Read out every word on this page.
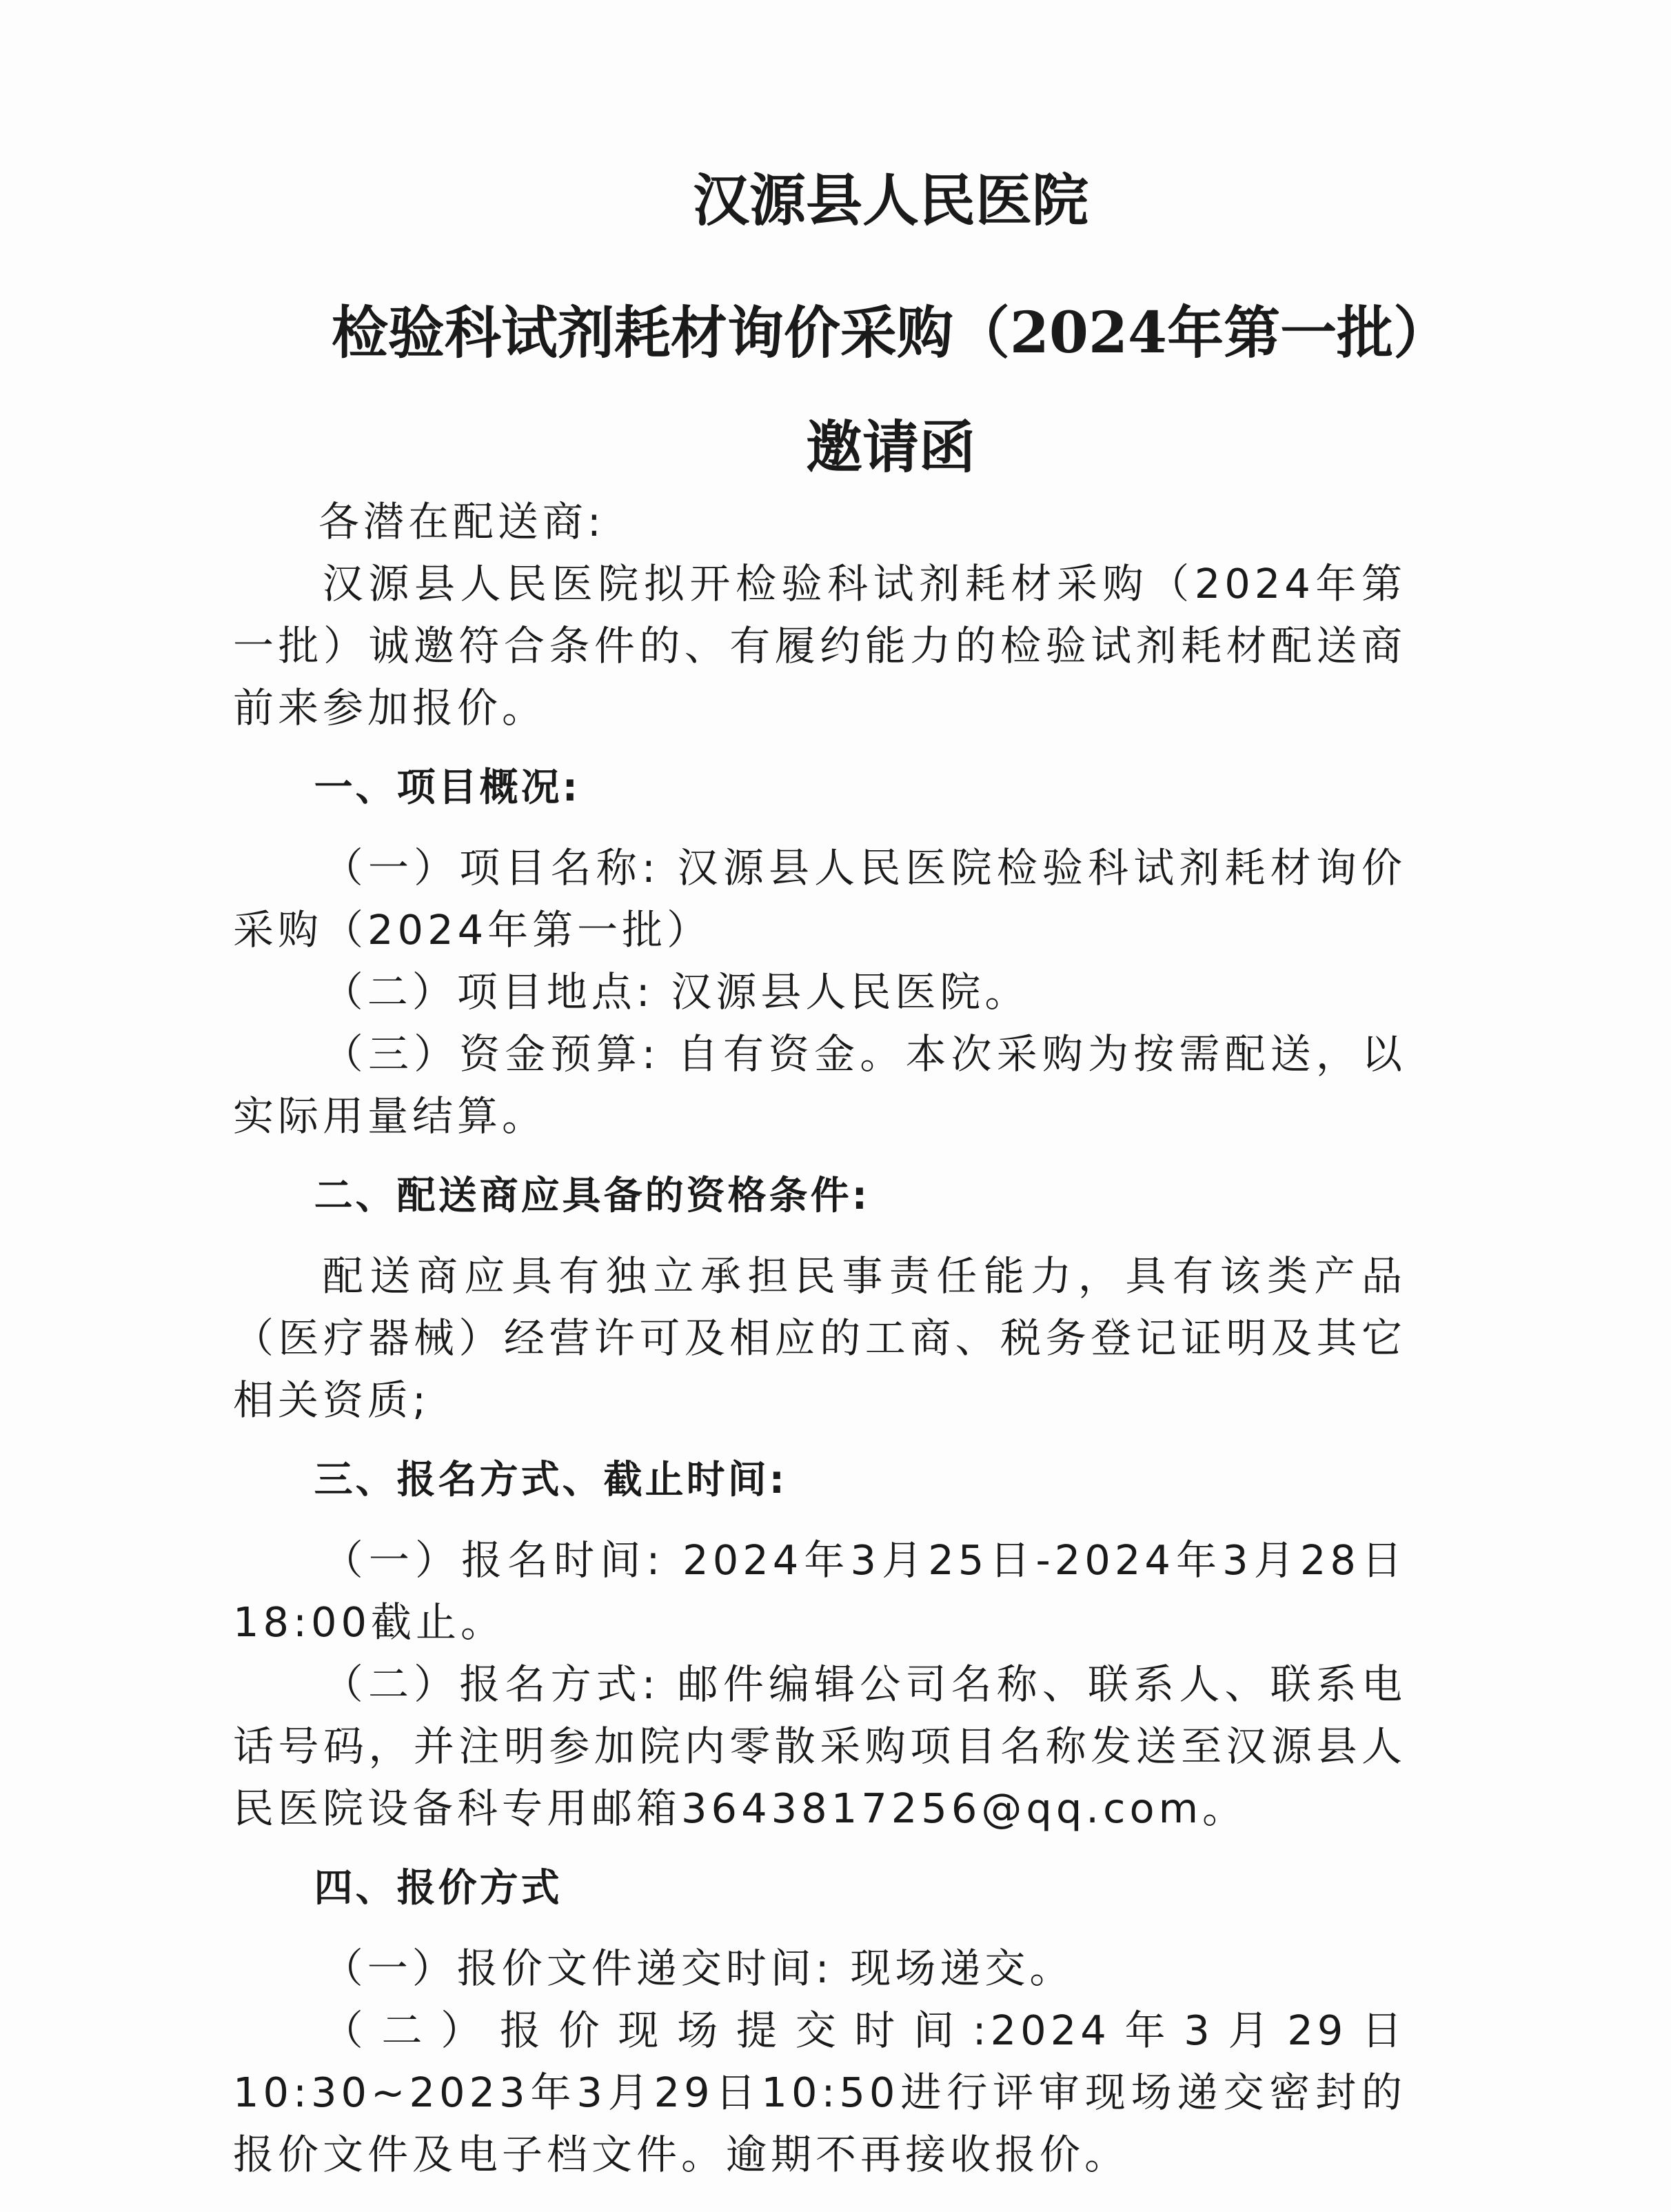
汉源县人民医院
检验科试剂耗材询价采购（2024年第一批）
邀请函

各潜在配送商:

汉源县人民医院拟开检验科试剂耗材采购（2024年第一批）诚邀符合条件的、有履约能力的检验试剂耗材配送商前来参加报价。

一、项目概况:

（一）项目名称: 汉源县人民医院检验科试剂耗材询价采购（2024年第一批）

（二）项目地点: 汉源县人民医院。

（三）资金预算: 自有资金。本次采购为按需配送，以实际用量结算。

二、配送商应具备的资格条件:

配送商应具有独立承担民事责任能力，具有该类产品（医疗器械）经营许可及相应的工商、税务登记证明及其它相关资质;

三、报名方式、截止时间:

（一）报名时间: 2024年3月25日-2024年3月28日18:00截止。

（二）报名方式: 邮件编辑公司名称、联系人、联系电话号码，并注明参加院内零散采购项目名称发送至汉源县人民医院设备科专用邮箱3643817256@qq.com。

四、报价方式

（一）报价文件递交时间: 现场递交。

（二）报价现场提交时间:2024年3月29日10:30~2023年3月29日10:50进行评审现场递交密封的报价文件及电子档文件。逾期不再接收报价。
